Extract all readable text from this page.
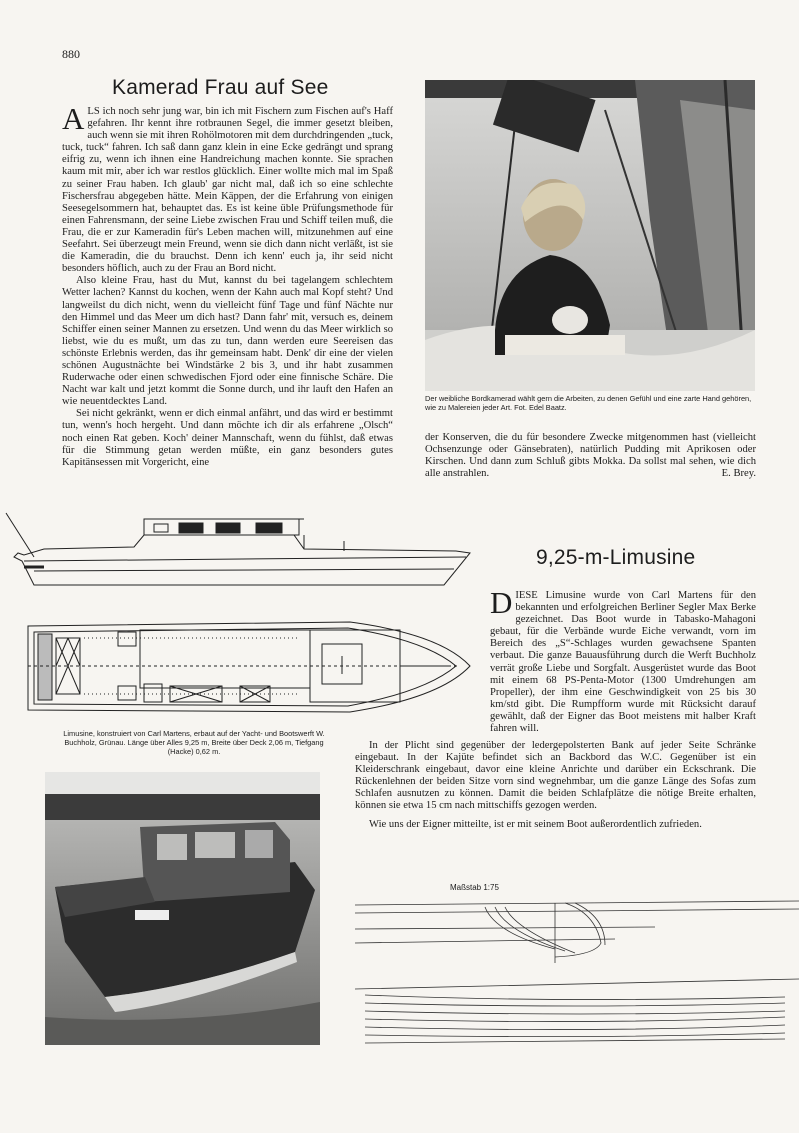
880
Kamerad Frau auf See

ALS ich noch sehr jung war, bin ich mit Fischern zum Fischen auf's Haff gefahren. Ihr kennt ihre rotbraunen Segel, die immer gesetzt bleiben, auch wenn sie mit ihren Rohölmotoren mit dem durchdringenden „tuck, tuck, tuck“ fahren. Ich saß dann ganz klein in eine Ecke gedrängt und sprang eifrig zu, wenn ich ihnen eine Handreichung machen konnte. Sie sprachen kaum mit mir, aber ich war restlos glücklich. Einer wollte mich mal im Spaß zu seiner Frau haben. Ich glaub' gar nicht mal, daß ich so eine schlechte Fischersfrau abgegeben hätte. Mein Käppen, der die Erfahrung von einigen Seesegelsommern hat, behauptet das. Es ist keine üble Prüfungsmethode für einen Fahrensmann, der seine Liebe zwischen Frau und Schiff teilen muß, die Frau, die er zur Kameradin für's Leben machen will, mitzunehmen auf eine Seefahrt. Sei überzeugt mein Freund, wenn sie dich dann nicht verläßt, ist sie die Kameradin, die du brauchst. Denn ich kenn' euch ja, ihr seid nicht besonders höflich, auch zu der Frau an Bord nicht.

Also kleine Frau, hast du Mut, kannst du bei tagelangem schlechtem Wetter lachen? Kannst du kochen, wenn der Kahn auch mal Kopf steht? Und langweilst du dich nicht, wenn du vielleicht fünf Tage und fünf Nächte nur den Himmel und das Meer um dich hast? Dann fahr' mit, versuch es, deinem Schiffer einen seiner Mannen zu ersetzen. Und wenn du das Meer wirklich so liebst, wie du es mußt, um das zu tun, dann werden eure Seereisen das schönste Erlebnis werden, das ihr gemeinsam habt. Denk' dir eine der vielen schönen Augustnächte bei Windstärke 2 bis 3, und ihr habt zusammen Ruderwache oder einen schwedischen Fjord oder eine finnische Schäre. Die Nacht war kalt und jetzt kommt die Sonne durch, und ihr lauft den Hafen an wie neuentdecktes Land.

Sei nicht gekränkt, wenn er dich einmal anfährt, und das wird er bestimmt tun, wenn's hoch hergeht. Und dann möchte ich dir als erfahrene „Olsch“ noch einen Rat geben. Koch' deiner Mannschaft, wenn du fühlst, daß etwas für die Stimmung getan werden müßte, ein ganz besonders gutes Kapitänsessen mit Vorgericht, eine

Der weibliche Bordkamerad wählt gern die Arbeiten, zu denen Gefühl und eine zarte Hand gehören, wie zu Malereien jeder Art. Fot. Edel Baatz.

der Konserven, die du für besondere Zwecke mitgenommen hast (vielleicht Ochsenzunge oder Gänsebraten), natürlich Pudding mit Aprikosen oder Kirschen. Und dann zum Schluß gibts Mokka. Da sollst mal sehen, wie dich alle anstrahlen.	E. Brey.

9,25-m-Limusine
Limusine, konstruiert von Carl Martens, erbaut auf der Yacht- und Bootswerft W. Buchholz, Grünau. Länge über Alles 9,25 m, Breite über Deck 2,06 m, Tiefgang (Hacke) 0,62 m.

DIESE Limusine wurde von Carl Martens für den bekannten und erfolgreichen Berliner Segler Max Berke gezeichnet. Das Boot wurde in Tabasko-Mahagoni gebaut, für die Verbände wurde Eiche verwandt, vorn im Bereich des „S“-Schlages wurden gewachsene Spanten verbaut. Die ganze Bauausführung durch die Werft Buchholz verrät große Liebe und Sorgfalt. Ausgerüstet wurde das Boot mit einem 68 PS-Penta-Motor (1300 Umdrehungen am Propeller), der ihm eine Geschwindigkeit von 25 bis 30 km/std gibt. Die Rumpfform wurde mit Rücksicht darauf gewählt, daß der Eigner das Boot meistens mit halber Kraft fahren will.

In der Plicht sind gegenüber der ledergepolsterten Bank auf jeder Seite Schränke eingebaut. In der Kajüte befindet sich an Backbord das W.C. Gegenüber ist ein Kleiderschrank eingebaut, davor eine kleine Anrichte und darüber ein Eckschrank. Die Rückenlehnen der beiden Sitze vorn sind wegnehmbar, um die ganze Länge des Sofas zum Schlafen ausnutzen zu können. Damit die beiden Schlafplätze die nötige Breite erhalten, können sie etwa 15 cm nach mittschiffs gezogen werden.

Wie uns der Eigner mitteilte, ist er mit seinem Boot außerordentlich zufrieden.

Maßstab 1:75
